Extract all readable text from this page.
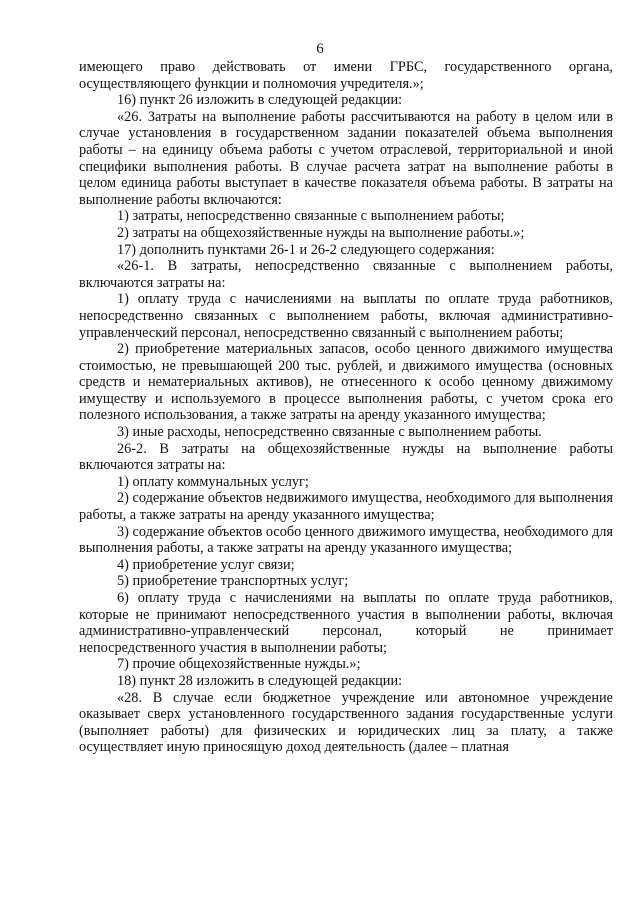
6

имеющего право действовать от имени ГРБС, государственного органа, осуществляющего функции и полномочия учредителя.»;

16) пункт 26 изложить в следующей редакции:

«26. Затраты на выполнение работы рассчитываются на работу в целом или в случае установления в государственном задании показателей объема выполнения работы – на единицу объема работы с учетом отраслевой, территориальной и иной специфики выполнения работы. В случае расчета затрат на выполнение работы в целом единица работы выступает в качестве показателя объема работы. В затраты на выполнение работы включаются:

1) затраты, непосредственно связанные с выполнением работы;

2) затраты на общехозяйственные нужды на выполнение работы.»;

17) дополнить пунктами 26-1 и 26-2 следующего содержания:

«26-1. В затраты, непосредственно связанные с выполнением работы, включаются затраты на:

1) оплату труда с начислениями на выплаты по оплате труда работников, непосредственно связанных с выполнением работы, включая административно-управленческий персонал, непосредственно связанный с выполнением работы;

2) приобретение материальных запасов, особо ценного движимого имущества стоимостью, не превышающей 200 тыс. рублей, и движимого имущества (основных средств и нематериальных активов), не отнесенного к особо ценному движимому имуществу и используемого в процессе выполнения работы, с учетом срока его полезного использования, а также затраты на аренду указанного имущества;

3) иные расходы, непосредственно связанные с выполнением работы.

26-2. В затраты на общехозяйственные нужды на выполнение работы включаются затраты на:

1) оплату коммунальных услуг;

2) содержание объектов недвижимого имущества, необходимого для выполнения работы, а также затраты на аренду указанного имущества;

3) содержание объектов особо ценного движимого имущества, необходимого для выполнения работы, а также затраты на аренду указанного имущества;

4) приобретение услуг связи;

5) приобретение транспортных услуг;

6) оплату труда с начислениями на выплаты по оплате труда работников, которые не принимают непосредственного участия в выполнении работы, включая административно-управленческий персонал, который не принимает непосредственного участия в выполнении работы;

7) прочие общехозяйственные нужды.»;

18) пункт 28 изложить в следующей редакции:

«28. В случае если бюджетное учреждение или автономное учреждение оказывает сверх установленного государственного задания государственные услуги (выполняет работы) для физических и юридических лиц за плату, а также осуществляет иную приносящую доход деятельность (далее – платная
